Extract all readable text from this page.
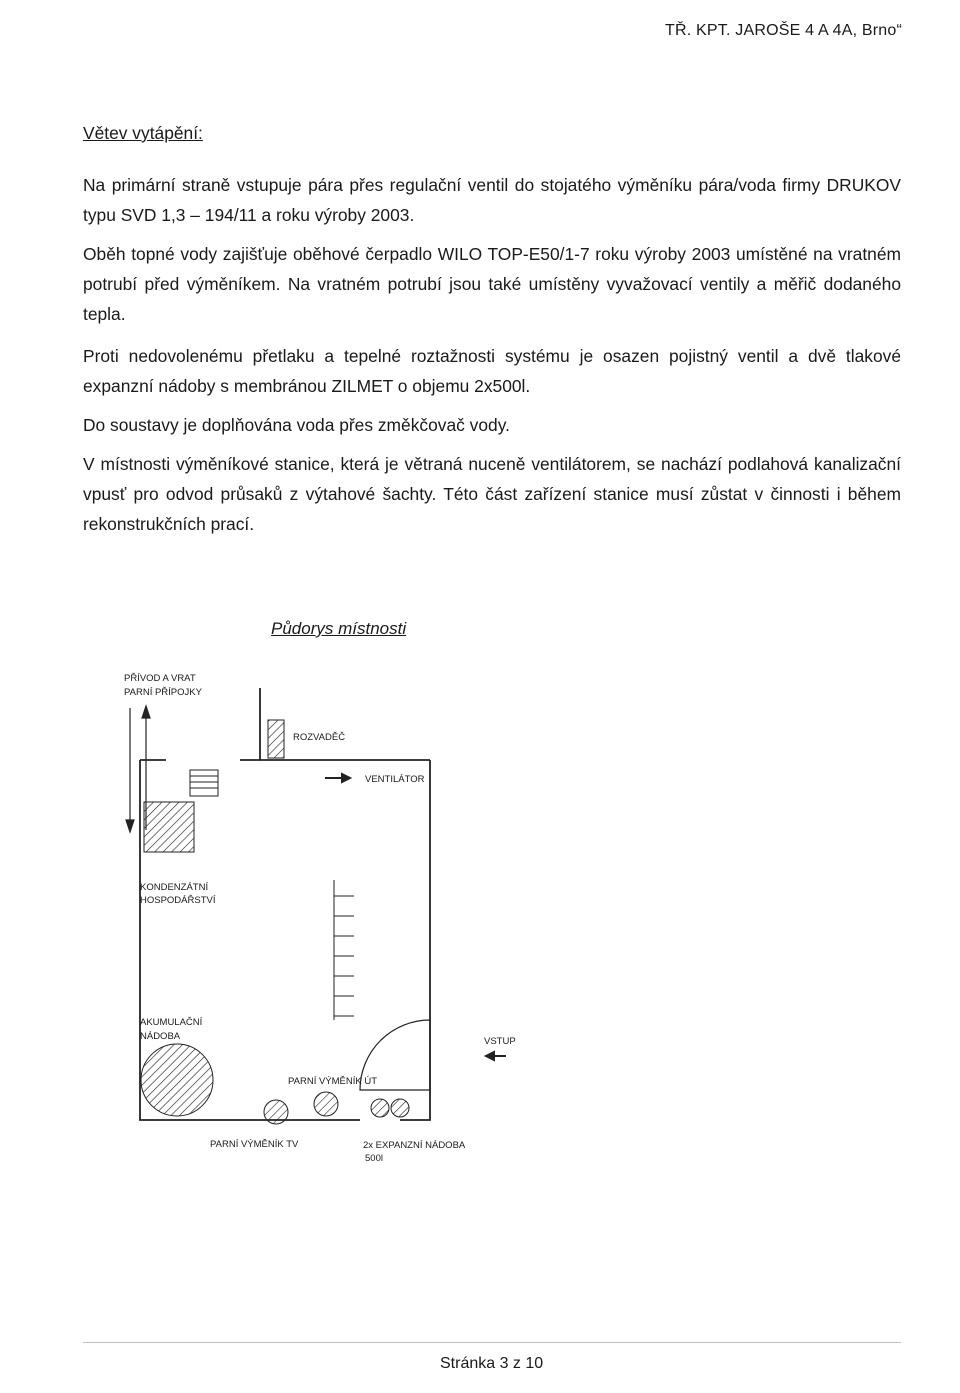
TŘ. KPT. JAROŠE 4 A 4A, Brno“

Větev vytápění:

Na primární straně vstupuje pára přes regulační ventil do stojatého výměníku pára/voda firmy DRUKOV typu SVD 1,3 – 194/11 a roku výroby 2003.

Oběh topné vody zajišťuje oběhové čerpadlo WILO TOP-E50/1-7 roku výroby 2003 umístěné na vratném potrubí před výměníkem. Na vratném potrubí jsou také umístěny vyvažovací ventily a měřič dodaného tepla.

Proti nedovolenému přetlaku a tepelné roztažnosti systému je osazen pojistný ventil a dvě tlakové expanzní nádoby s membránou ZILMET o objemu 2x500l.

Do soustavy je doplňována voda přes změkčovač vody.

V místnosti výměníkové stanice, která je větraná nuceně ventilátorem, se nachází podlahová kanalizační vpusť pro odvod průsaků z výtahové šachty. Této část zařízení stanice musí zůstat v činnosti i během rekonstrukčních prací.

Půdorys místnosti
PŘÍVOD A VRAT
PARNÍ PŘÍPOJKY
ROZVADĚČ
VENTILÁTOR
KONDENZÁTNÍ
HOSPODÁŘSTVÍ
AKUMULAČNÍ
NÁDOBA	VSTUP
PARNÍ VÝMĚNÍK ÚT
PARNÍ VÝMĚNÍK TV	2x EXPANZNÍ NÁDOBA
500l
Stránka 3 z 10
